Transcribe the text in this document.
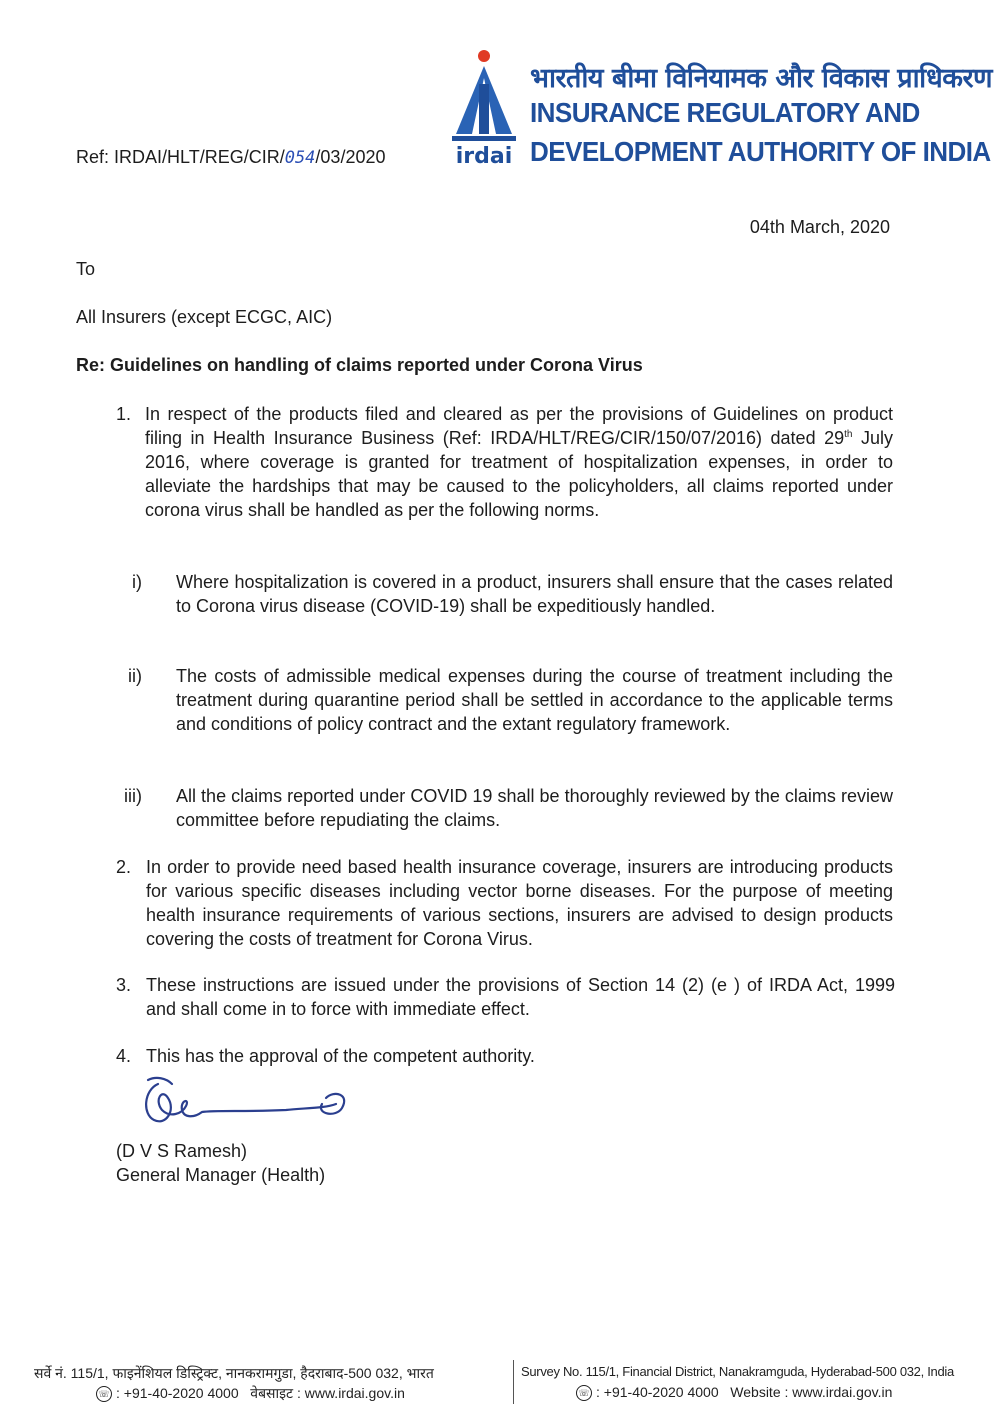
irdai
भारतीय बीमा विनियामक और विकास प्राधिकरण
INSURANCE REGULATORY AND
DEVELOPMENT AUTHORITY OF INDIA
Ref: IRDAI/HLT/REG/CIR/054/03/2020
04th March, 2020
To
All Insurers (except ECGC, AIC)
Re: Guidelines on handling of claims reported under Corona Virus
1. In respect of the products filed and cleared as per the provisions of Guidelines on product filing in Health Insurance Business (Ref: IRDA/HLT/REG/CIR/150/07/2016) dated 29th July 2016, where coverage is granted for treatment of hospitalization expenses, in order to alleviate the hardships that may be caused to the policyholders, all claims reported under corona virus shall be handled as per the following norms.
i) Where hospitalization is covered in a product, insurers shall ensure that the cases related to Corona virus disease (COVID-19) shall be expeditiously handled.
ii) The costs of admissible medical expenses during the course of treatment including the treatment during quarantine period shall be settled in accordance to the applicable terms and conditions of policy contract and the extant regulatory framework.
iii) All the claims reported under COVID 19 shall be thoroughly reviewed by the claims review committee before repudiating the claims.
2. In order to provide need based health insurance coverage, insurers are introducing products for various specific diseases including vector borne diseases. For the purpose of meeting health insurance requirements of various sections, insurers are advised to design products covering the costs of treatment for Corona Virus.
3. These instructions are issued under the provisions of Section 14 (2) (e ) of IRDA Act, 1999 and shall come in to force with immediate effect.
4. This has the approval of the competent authority.
(D V S Ramesh)
General Manager (Health)
सर्वे नं. 115/1, फाइनेंशियल डिस्ट्रिक्ट, नानकरामगुडा, हैदराबाद-500 032, भारत
☏ : +91-40-2020 4000 वेबसाइट : www.irdai.gov.in
Survey No. 115/1, Financial District, Nanakramguda, Hyderabad-500 032, India
☏ : +91-40-2020 4000 Website : www.irdai.gov.in
